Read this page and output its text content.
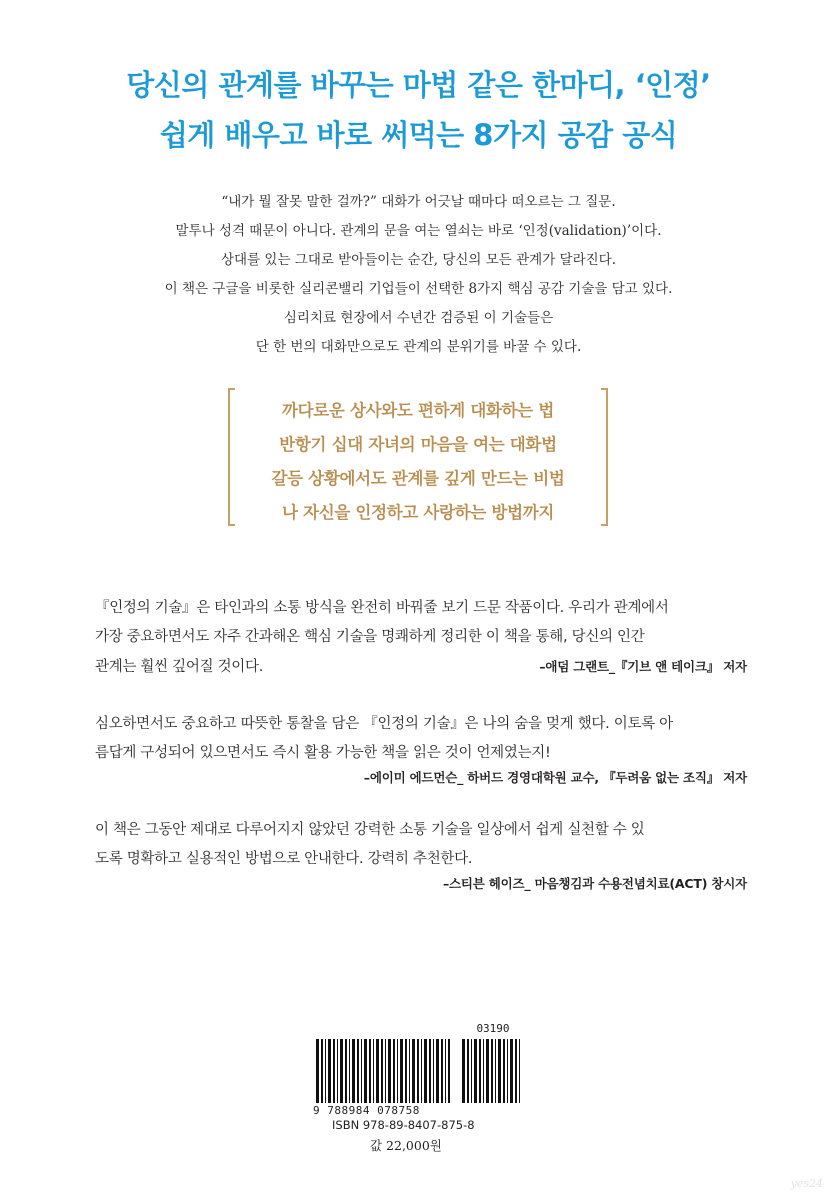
당신의 관계를 바꾸는 마법 같은 한마디, ‘인정’
쉽게 배우고 바로 써먹는 8가지 공감 공식
“내가 뭘 잘못 말한 걸까?” 대화가 어긋날 때마다 떠오르는 그 질문.
말투나 성격 때문이 아니다. 관계의 문을 여는 열쇠는 바로 ‘인정(validation)’이다.
상대를 있는 그대로 받아들이는 순간, 당신의 모든 관계가 달라진다.
이 책은 구글을 비롯한 실리콘밸리 기업들이 선택한 8가지 핵심 공감 기술을 담고 있다.
심리치료 현장에서 수년간 검증된 이 기술들은
단 한 번의 대화만으로도 관계의 분위기를 바꿀 수 있다.
까다로운 상사와도 편하게 대화하는 법
반항기 십대 자녀의 마음을 여는 대화법
갈등 상황에서도 관계를 깊게 만드는 비법
나 자신을 인정하고 사랑하는 방법까지
『인정의 기술』은 타인과의 소통 방식을 완전히 바꿔줄 보기 드문 작품이다. 우리가 관계에서
가장 중요하면서도 자주 간과해온 핵심 기술을 명쾌하게 정리한 이 책을 통해, 당신의 인간
관계는 훨씬 깊어질 것이다.	–애덤 그랜트_『기브 앤 테이크』 저자
심오하면서도 중요하고 따뜻한 통찰을 담은 『인정의 기술』은 나의 숨을 멎게 했다. 이토록 아
름답게 구성되어 있으면서도 즉시 활용 가능한 책을 읽은 것이 언제였는지!
–에이미 에드먼슨_ 하버드 경영대학원 교수, 『두려움 없는 조직』 저자
이 책은 그동안 제대로 다루어지지 않았던 강력한 소통 기술을 일상에서 쉽게 실천할 수 있
도록 명확하고 실용적인 방법으로 안내한다. 강력히 추천한다.
–스티븐 헤이즈_ 마음챙김과 수용전념치료(ACT) 창시자
03190
9 788984 078758
ISBN 978-89-8407-875-8
값 22,000원
yes24
